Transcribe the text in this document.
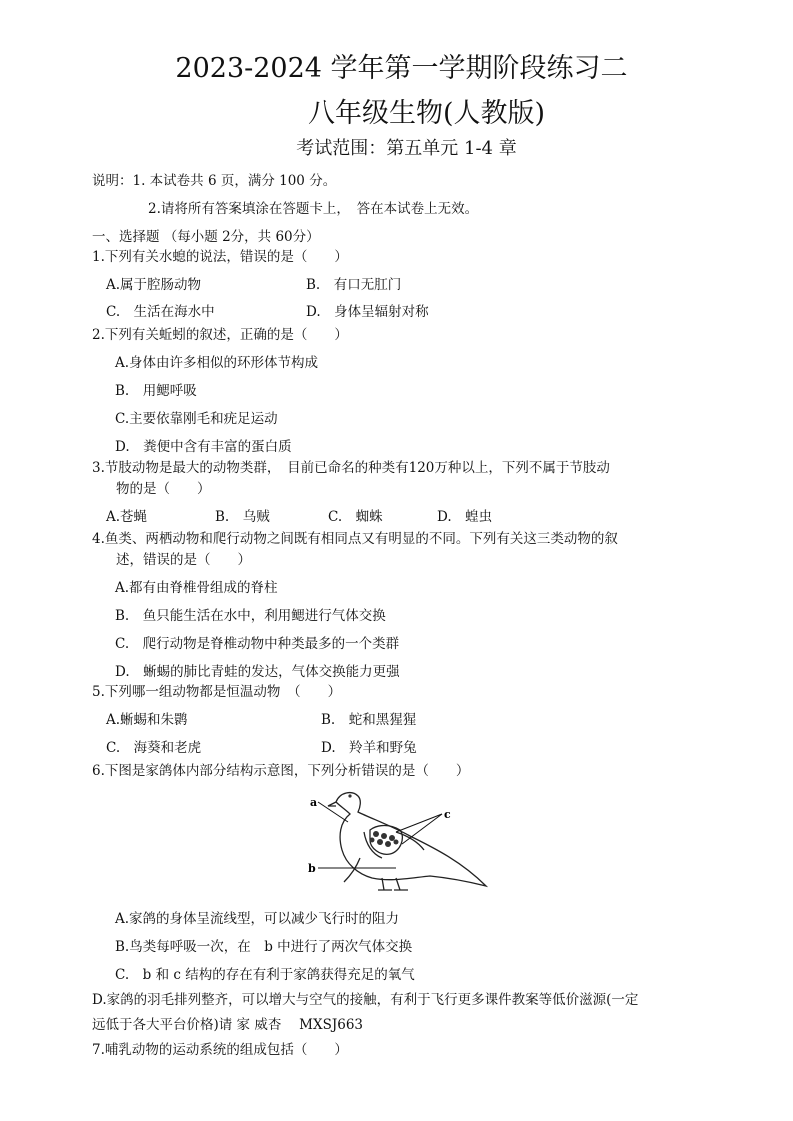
2023-2024 学年第一学期阶段练习二
八年级生物(人教版)
考试范围：第五单元 1-4 章
说明：1. 本试卷共 6 页，满分 100 分。
2.请将所有答案填涂在答题卡上，　答在本试卷上无效。
一、选择题 （每小题 2分，共 60分）
1.下列有关水螅的说法，错误的是（　　）
A.属于腔肠动物	B.　有口无肛门
C.　生活在海水中	D.　身体呈辐射对称
2.下列有关蚯蚓的叙述，正确的是（　　）
A.身体由许多相似的环形体节构成
B.　用鳃呼吸
C.主要依靠刚毛和疣足运动
D.　粪便中含有丰富的蛋白质
3.节肢动物是最大的动物类群，　目前已命名的种类有120万种以上，下列不属于节肢动
物的是（　　）
A.苍蝇	B.　乌贼	C.　蜘蛛	D.　蝗虫
4.鱼类、两栖动物和爬行动物之间既有相同点又有明显的不同。下列有关这三类动物的叙
述，错误的是（　　）
A.都有由脊椎骨组成的脊柱
B.　鱼只能生活在水中，利用鳃进行气体交换
C.　爬行动物是脊椎动物中种类最多的一个类群
D.　蜥蜴的肺比青蛙的发达，气体交换能力更强
5.下列哪一组动物都是恒温动物　（　　）
A.蜥蜴和朱鹮	B.　蛇和黑猩猩
C.　海葵和老虎	D.　羚羊和野兔
6.下图是家鸽体内部分结构示意图，下列分析错误的是（　　）
a
b
c
A.家鸽的身体呈流线型，可以减少飞行时的阻力
B.鸟类每呼吸一次，在　b 中进行了两次气体交换
C.　b 和 c 结构的存在有利于家鸽获得充足的氧气
D.家鸽的羽毛排列整齐，可以增大与空气的接触，有利于飞行更多课件教案等低价滋源(一定
远低于各大平台价格)请 家 威杏　 MXSJ663
7.哺乳动物的运动系统的组成包括（　　）
